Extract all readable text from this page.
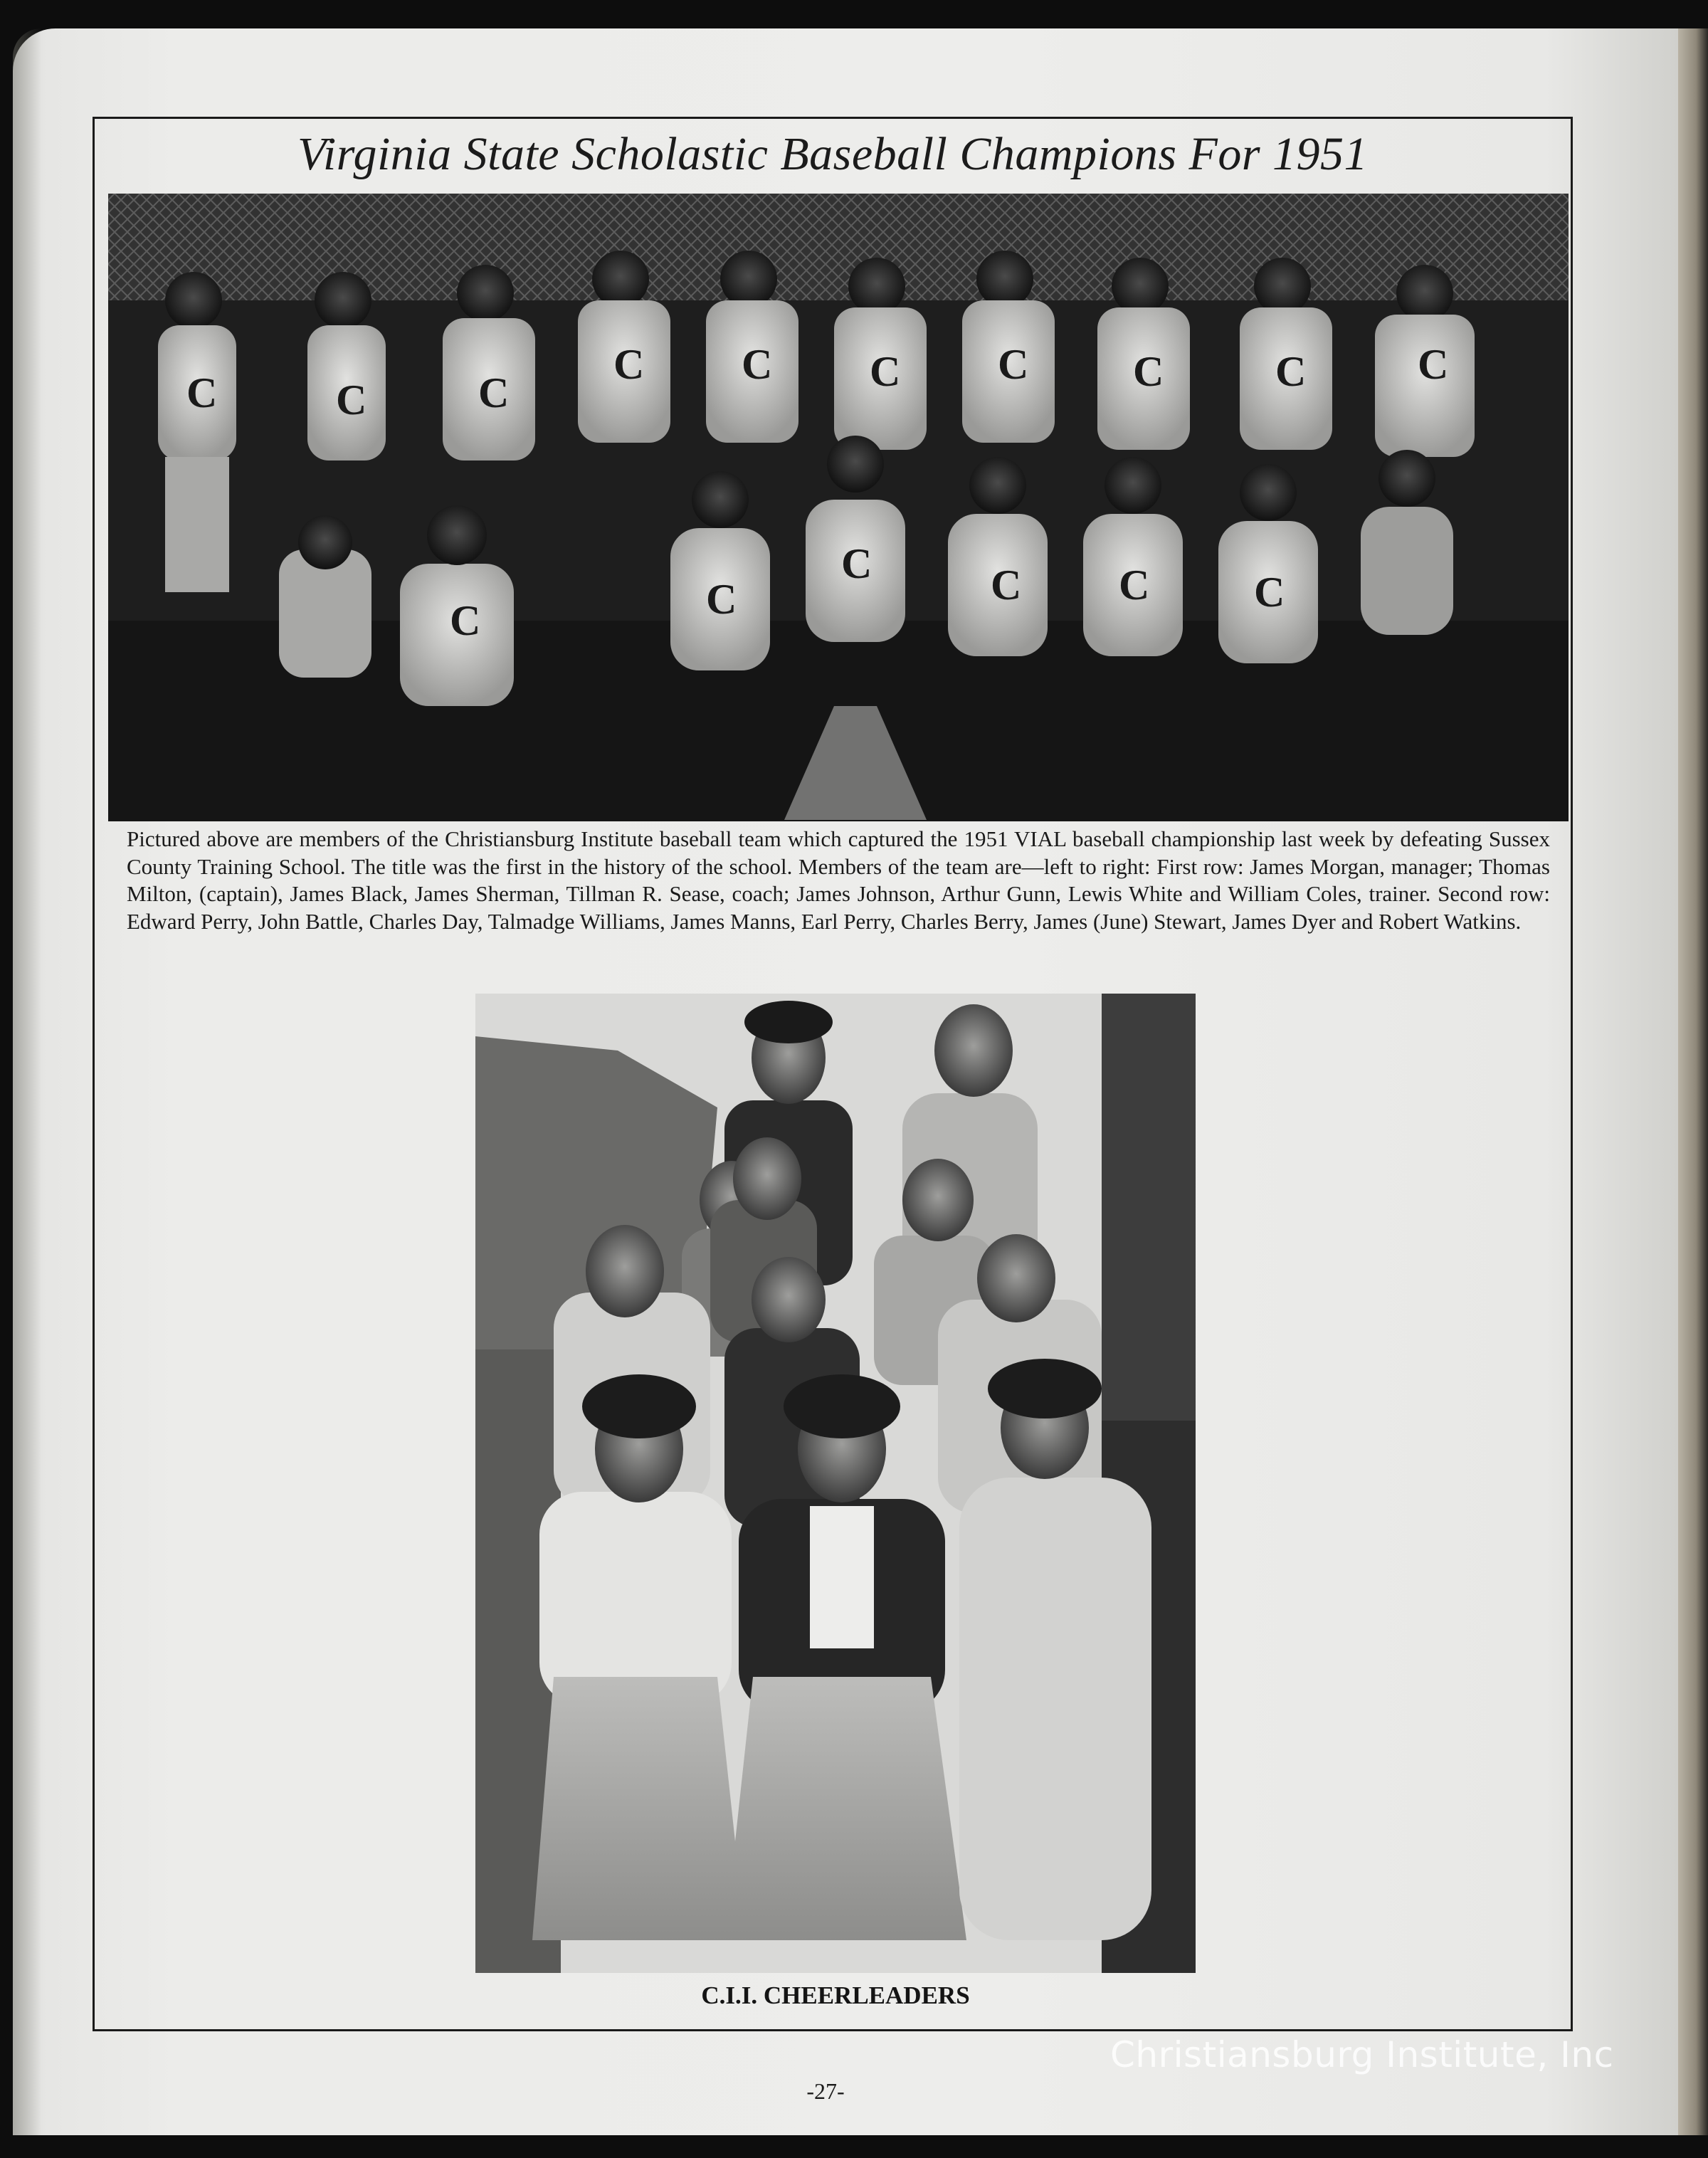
Virginia State Scholastic Baseball Champions For 1951
C	C	C
C C C C C	C	C
C	C
C	C C C

Pictured above are members of the Christiansburg Institute baseball team which captured the 1951 VIAL baseball championship last week by defeating Sussex County Training School. The title was the first in the history of the school. Members of the team are—left to right: First row: James Morgan, manager; Thomas Milton, (captain), James Black, James Sherman, Tillman R. Sease, coach; James Johnson, Arthur Gunn, Lewis White and William Coles, trainer. Second row: Edward Perry, John Battle, Charles Day, Talmadge Williams, James Manns, Earl Perry, Charles Berry, James (June) Stewart, James Dyer and Robert Watkins.

C.I.I. CHEERLEADERS
Christiansburg Institute, Inc
-27-
